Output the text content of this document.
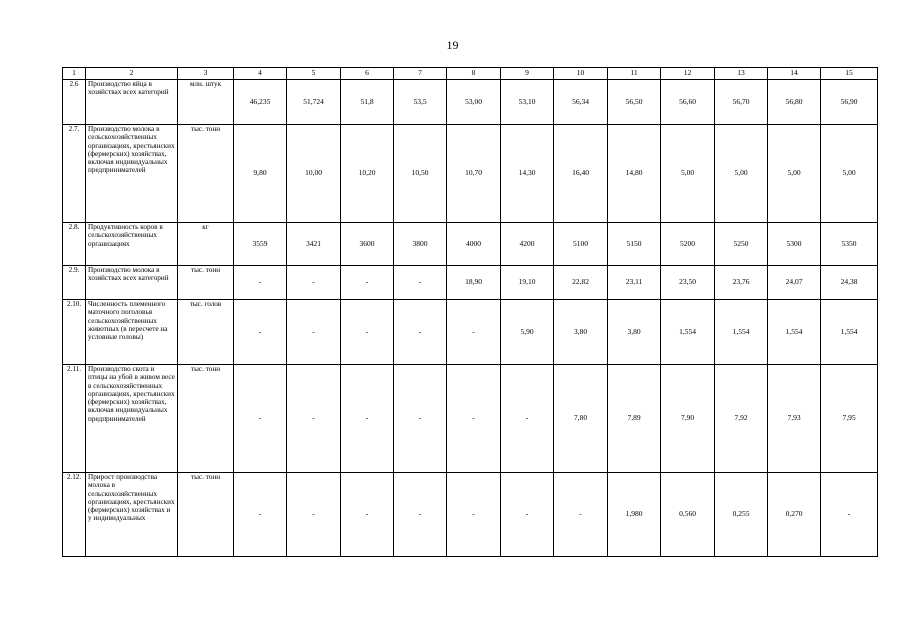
19
1	2	3	4	5	6	7	8	9	10	11	12	13	14	15
2.6	Производство яйца в хозяйствах всех категорий	млн. штук	46,235	51,724	51,8	53,5	53,00	53,10	56,34	56,50	56,60	56,70	56,80	56,90
2.7.	Производство молока в сельскохозяйственных организациях, крестьянских (фермерских) хозяйствах, включая индивидуальных предпринимателей	тыс. тонн	9,80	10,00	10,20	10,50	10,70	14,30	16,40	14,80	5,00	5,00	5,00	5,00
2.8.	Продуктивность коров в сельскохозяйственных организациях	кг	3559	3421	3600	3800	4000	4200	5100	5150	5200	5250	5300	5350
2.9.	Производство молока в хозяйствах всех категорий	тыс. тонн	-	-	-	-	18,90	19,10	22,82	23,11	23,50	23,76	24,07	24,38
2.10.	Численность племенного маточного поголовья сельскохозяйственных животных (в пересчете на условные головы)	тыс. голов	-	-	-	-	-	5,90	3,80	3,80	1,554	1,554	1,554	1,554
2.11.	Производство скота и птицы на убой в живом весе в сельскохозяйственных организациях, крестьянских (фермерских) хозяйствах, включая индивидуальных предпринимателей	тыс. тонн	-	-	-	-	-	-	7,80	7,89	7,90	7,92	7,93	7,95
2.12.	Прирост производства молока в сельскохозяйственных организациях, крестьянских (фермерских) хозяйствах и у индивидуальных	тыс. тонн	-	-	-	-	-	-	-	1,980	0,560	0,255	0,270	-
